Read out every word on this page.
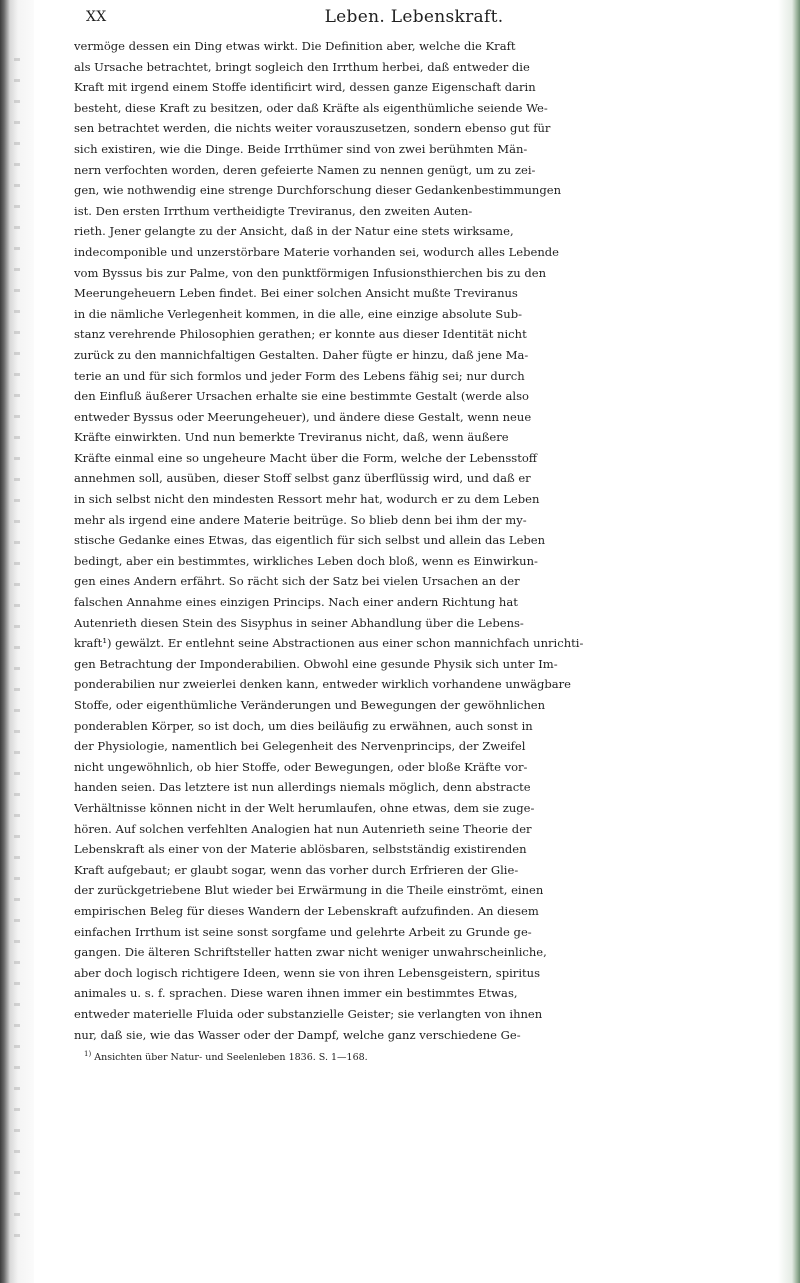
XX	Leben. Lebenskraft.
vermöge dessen ein Ding etwas wirkt. Die Definition aber, welche die Kraft
als Ursache betrachtet, bringt sogleich den Irrthum herbei, daß entweder die
Kraft mit irgend einem Stoffe identificirt wird, dessen ganze Eigenschaft darin
besteht, diese Kraft zu besitzen, oder daß Kräfte als eigenthümliche seiende We-
sen betrachtet werden, die nichts weiter vorauszusetzen, sondern ebenso gut für
sich existiren, wie die Dinge. Beide Irrthümer sind von zwei berühmten Män-
nern verfochten worden, deren gefeierte Namen zu nennen genügt, um zu zei-
gen, wie nothwendig eine strenge Durchforschung dieser Gedankenbestimmungen
ist. Den ersten Irrthum vertheidigte Treviranus, den zweiten Auten-
rieth. Jener gelangte zu der Ansicht, daß in der Natur eine stets wirksame,
indecomponible und unzerstörbare Materie vorhanden sei, wodurch alles Lebende
vom Byssus bis zur Palme, von den punktförmigen Infusionsthierchen bis zu den
Meerungeheuern Leben findet. Bei einer solchen Ansicht mußte Treviranus
in die nämliche Verlegenheit kommen, in die alle, eine einzige absolute Sub-
stanz verehrende Philosophien gerathen; er konnte aus dieser Identität nicht
zurück zu den mannichfaltigen Gestalten. Daher fügte er hinzu, daß jene Ma-
terie an und für sich formlos und jeder Form des Lebens fähig sei; nur durch
den Einfluß äußerer Ursachen erhalte sie eine bestimmte Gestalt (werde also
entweder Byssus oder Meerungeheuer), und ändere diese Gestalt, wenn neue
Kräfte einwirkten. Und nun bemerkte Treviranus nicht, daß, wenn äußere
Kräfte einmal eine so ungeheure Macht über die Form, welche der Lebensstoff
annehmen soll, ausüben, dieser Stoff selbst ganz überflüssig wird, und daß er
in sich selbst nicht den mindesten Ressort mehr hat, wodurch er zu dem Leben
mehr als irgend eine andere Materie beitrüge. So blieb denn bei ihm der my-
stische Gedanke eines Etwas, das eigentlich für sich selbst und allein das Leben
bedingt, aber ein bestimmtes, wirkliches Leben doch bloß, wenn es Einwirkun-
gen eines Andern erfährt. So rächt sich der Satz bei vielen Ursachen an der
falschen Annahme eines einzigen Princips. Nach einer andern Richtung hat
Autenrieth diesen Stein des Sisyphus in seiner Abhandlung über die Lebens-
kraft¹) gewälzt. Er entlehnt seine Abstractionen aus einer schon mannichfach unrichti-
gen Betrachtung der Imponderabilien. Obwohl eine gesunde Physik sich unter Im-
ponderabilien nur zweierlei denken kann, entweder wirklich vorhandene unwägbare
Stoffe, oder eigenthümliche Veränderungen und Bewegungen der gewöhnlichen
ponderablen Körper, so ist doch, um dies beiläufig zu erwähnen, auch sonst in
der Physiologie, namentlich bei Gelegenheit des Nervenprincips, der Zweifel
nicht ungewöhnlich, ob hier Stoffe, oder Bewegungen, oder bloße Kräfte vor-
handen seien. Das letztere ist nun allerdings niemals möglich, denn abstracte
Verhältnisse können nicht in der Welt herumlaufen, ohne etwas, dem sie zuge-
hören. Auf solchen verfehlten Analogien hat nun Autenrieth seine Theorie der
Lebenskraft als einer von der Materie ablösbaren, selbstständig existirenden
Kraft aufgebaut; er glaubt sogar, wenn das vorher durch Erfrieren der Glie-
der zurückgetriebene Blut wieder bei Erwärmung in die Theile einströmt, einen
empirischen Beleg für dieses Wandern der Lebenskraft aufzufinden. An diesem
einfachen Irrthum ist seine sonst sorgfame und gelehrte Arbeit zu Grunde ge-
gangen. Die älteren Schriftsteller hatten zwar nicht weniger unwahrscheinliche,
aber doch logisch richtigere Ideen, wenn sie von ihren Lebensgeistern, spiritus
animales u. s. f. sprachen. Diese waren ihnen immer ein bestimmtes Etwas,
entweder materielle Fluida oder substanzielle Geister; sie verlangten von ihnen
nur, daß sie, wie das Wasser oder der Dampf, welche ganz verschiedene Ge-
$^{1)}$ Ansichten über Natur- und Seelenleben 1836. S. 1—168.
